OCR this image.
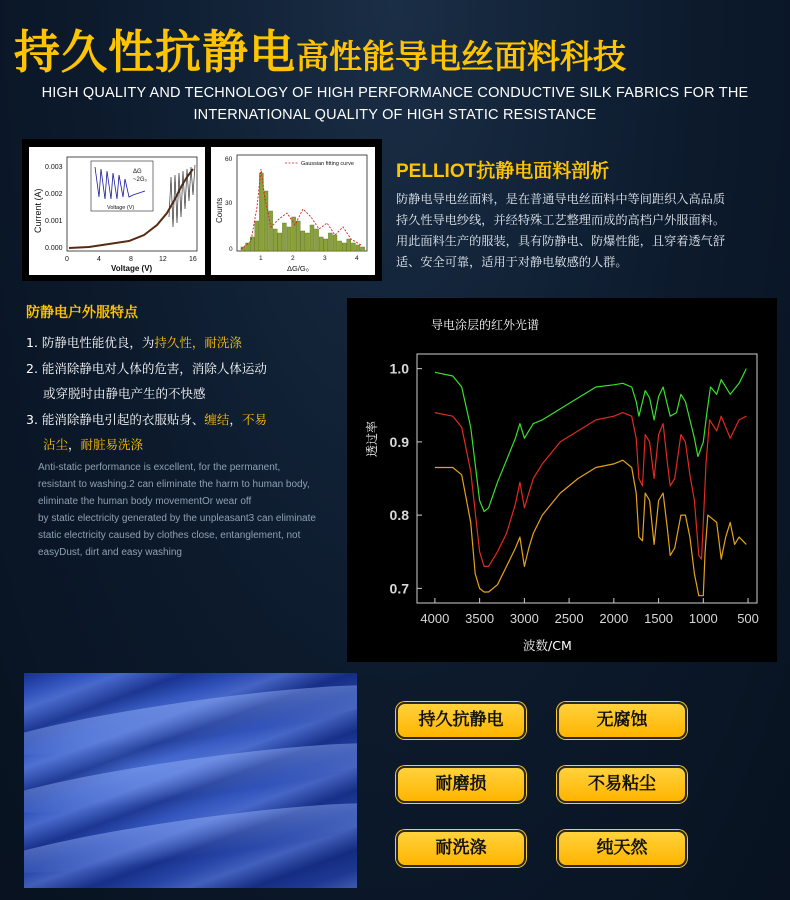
持久性抗静电高性能导电丝面料科技
HIGH QUALITY AND TECHNOLOGY OF HIGH PERFORMANCE CONDUCTIVE SILK FABRICS FOR THE
INTERNATIONAL QUALITY OF HIGH STATIC RESISTANCE
Current (A)
0.003
0.002
0.001
0.000
0	4	8	12	16
Voltage (V)
ΔG
~2G₀
Voltage (V)	Counts
60
30
0
1	2	3	4
ΔG/G₀
Gaussian fitting curve PELLIOT抗静电面料剖析
防静电导电丝面料，是在普通导电丝面料中等间距织入高品质
持久性导电纱线，并经特殊工艺整理而成的高档户外服面料。
用此面料生产的服装，具有防静电、防爆性能，且穿着透气舒
适、安全可靠，适用于对静电敏感的人群。
防静电户外服特点
1. 防静电性能优良，为持久性，耐洗涤
2. 能消除静电对人体的危害，消除人体运动
或穿脱时由静电产生的不快感
3. 能消除静电引起的衣服贴身、缠结，不易
沾尘，耐脏易洗涤
Anti-static performance is excellent, for the permanent,
resistant to washing.2 can eliminate the harm to human body,
eliminate the human body movementOr wear off
by static electricity generated by the unpleasant3 can eliminate
static electricity caused by clothes close, entanglement, not
easyDust, dirt and easy washing
导电涂层的红外光谱
透过率
波数/CM
1.0
0.9
0.8
0.7
4000 3500 3000 2500 2000 1500 1000 500
持久抗静电	无腐蚀
耐磨损	不易粘尘
耐洗涤	纯天然
